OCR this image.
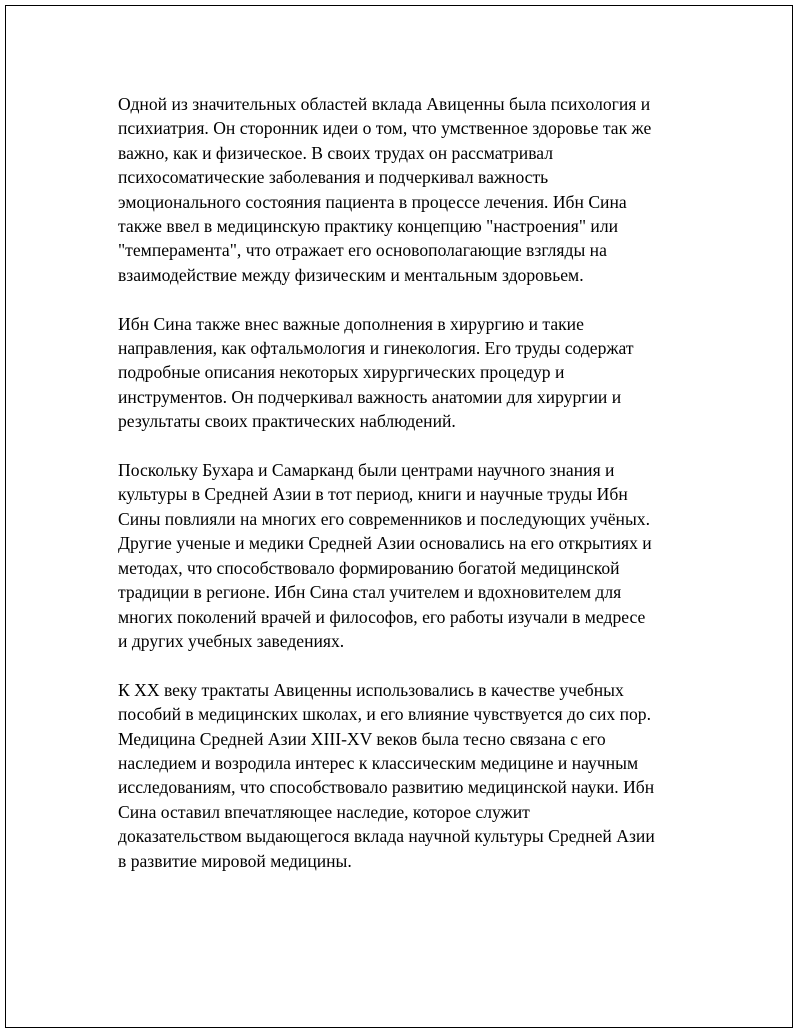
Одной из значительных областей вклада Авиценны была психология и
психиатрия. Он сторонник идеи о том, что умственное здоровье так же
важно, как и физическое. В своих трудах он рассматривал
психосоматические заболевания и подчеркивал важность
эмоционального состояния пациента в процессе лечения. Ибн Сина
также ввел в медицинскую практику концепцию "настроения" или
"темперамента", что отражает его основополагающие взгляды на
взаимодействие между физическим и ментальным здоровьем.

Ибн Сина также внес важные дополнения в хирургию и такие
направления, как офтальмология и гинекология. Его труды содержат
подробные описания некоторых хирургических процедур и
инструментов. Он подчеркивал важность анатомии для хирургии и
результаты своих практических наблюдений.

Поскольку Бухара и Самарканд были центрами научного знания и
культуры в Средней Азии в тот период, книги и научные труды Ибн
Сины повлияли на многих его современников и последующих учёных.
Другие ученые и медики Средней Азии основались на его открытиях и
методах, что способствовало формированию богатой медицинской
традиции в регионе. Ибн Сина стал учителем и вдохновителем для
многих поколений врачей и философов, его работы изучали в медресе
и других учебных заведениях.

К XX веку трактаты Авиценны использовались в качестве учебных
пособий в медицинских школах, и его влияние чувствуется до сих пор.
Медицина Средней Азии XIII-XV веков была тесно связана с его
наследием и возродила интерес к классическим медицине и научным
исследованиям, что способствовало развитию медицинской науки. Ибн
Сина оставил впечатляющее наследие, которое служит
доказательством выдающегося вклада научной культуры Средней Азии
в развитие мировой медицины.
